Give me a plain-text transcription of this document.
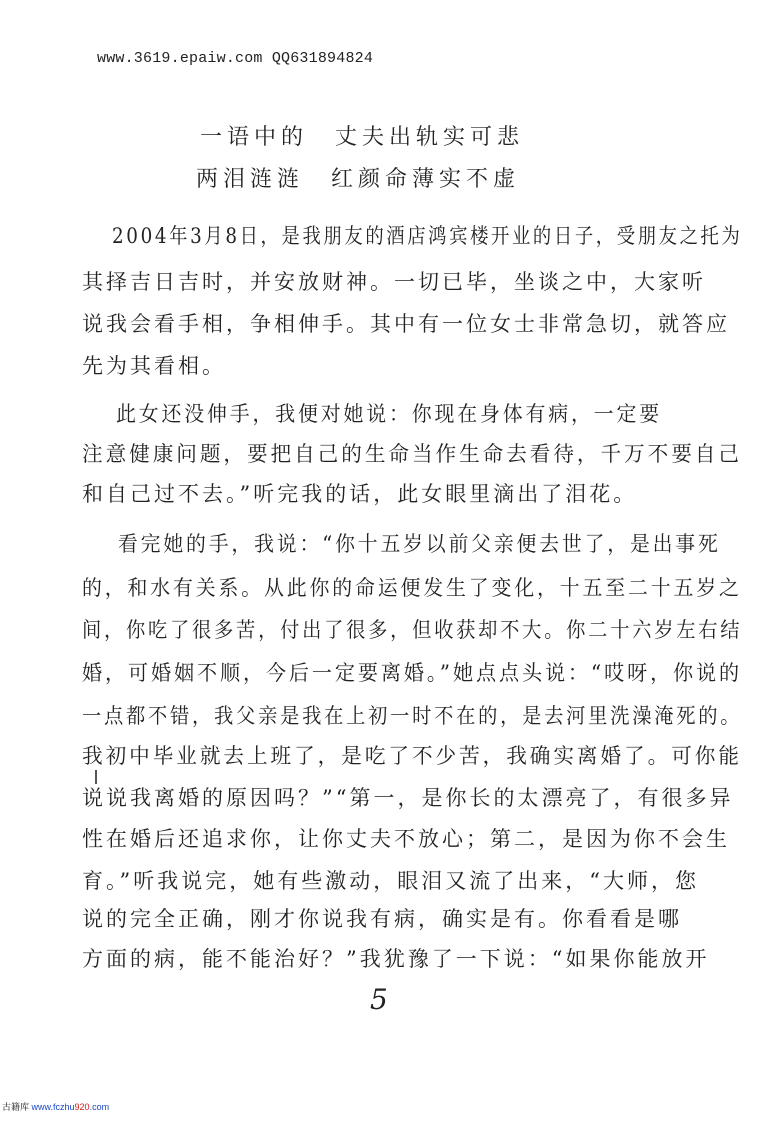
www.3619.epaiw.com QQ631894824
一语中的　丈夫出轨实可悲
两泪涟涟　红颜命薄实不虚
2004年3月8日，是我朋友的酒店鸿宾楼开业的日子，受朋友之托为
其择吉日吉时，并安放财神。一切已毕，坐谈之中，大家听
说我会看手相，争相伸手。其中有一位女士非常急切，就答应
先为其看相。
此女还没伸手，我便对她说：你现在身体有病，一定要
注意健康问题，要把自己的生命当作生命去看待，千万不要自己
和自己过不去。”听完我的话，此女眼里滴出了泪花。
看完她的手，我说：“你十五岁以前父亲便去世了，是出事死
的，和水有关系。从此你的命运便发生了变化，十五至二十五岁之
间，你吃了很多苦，付出了很多，但收获却不大。你二十六岁左右结
婚，可婚姻不顺，今后一定要离婚。”她点点头说：“哎呀，你说的
一点都不错，我父亲是我在上初一时不在的，是去河里洗澡淹死的。
我初中毕业就去上班了，是吃了不少苦，我确实离婚了。可你能
说说我离婚的原因吗？”“第一，是你长的太漂亮了，有很多异
性在婚后还追求你，让你丈夫不放心；第二，是因为你不会生
育。”听我说完，她有些激动，眼泪又流了出来，“大师，您
说的完全正确，刚才你说我有病，确实是有。你看看是哪
方面的病，能不能治好？”我犹豫了一下说：“如果你能放开
5
古籍库 www.fczhu920.com
